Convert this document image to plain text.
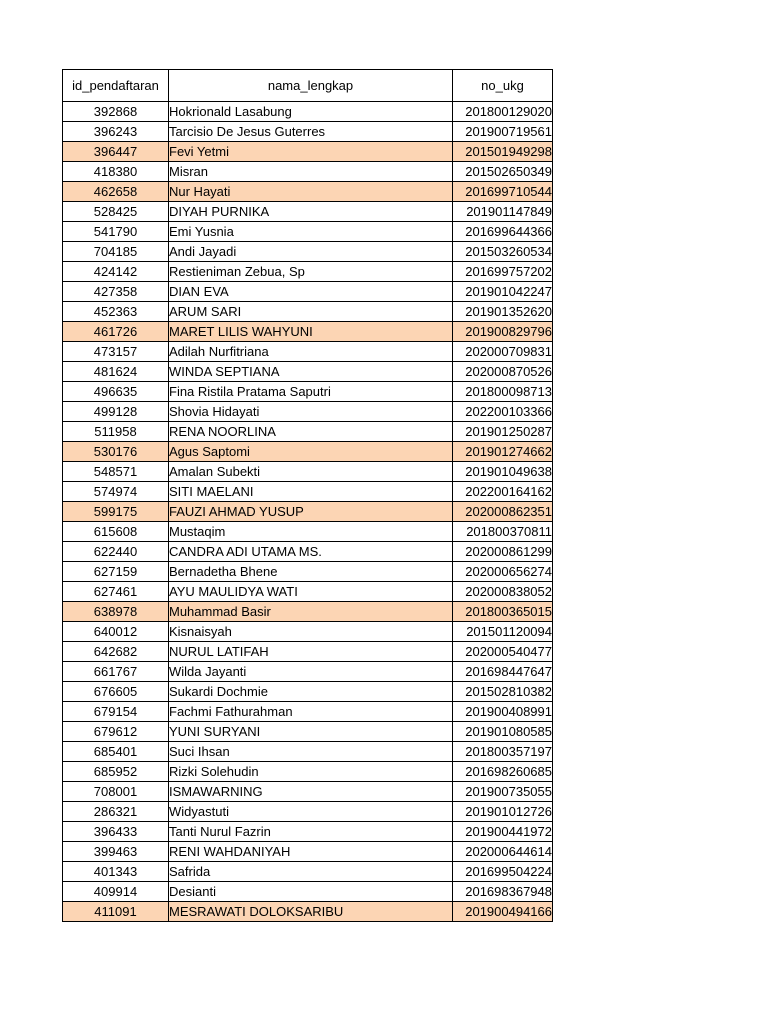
id_pendaftaran	nama_lengkap	no_ukg
392868	Hokrionald Lasabung	201800129020
396243	Tarcisio De Jesus Guterres	201900719561
396447	Fevi Yetmi	201501949298
418380	Misran	201502650349
462658	Nur Hayati	201699710544
528425	DIYAH PURNIKA	201901147849
541790	Emi Yusnia	201699644366
704185	Andi Jayadi	201503260534
424142	Restieniman Zebua, Sp	201699757202
427358	DIAN EVA	201901042247
452363	ARUM SARI	201901352620
461726	MARET LILIS WAHYUNI	201900829796
473157	Adilah Nurfitriana	202000709831
481624	WINDA SEPTIANA	202000870526
496635	Fina Ristila Pratama Saputri	201800098713
499128	Shovia Hidayati	202200103366
511958	RENA NOORLINA	201901250287
530176	Agus Saptomi	201901274662
548571	Amalan Subekti	201901049638
574974	SITI MAELANI	202200164162
599175	FAUZI AHMAD YUSUP	202000862351
615608	Mustaqim	201800370811
622440	CANDRA ADI UTAMA MS.	202000861299
627159	Bernadetha Bhene	202000656274
627461	AYU MAULIDYA WATI	202000838052
638978	Muhammad Basir	201800365015
640012	Kisnaisyah	201501120094
642682	NURUL LATIFAH	202000540477
661767	Wilda Jayanti	201698447647
676605	Sukardi Dochmie	201502810382
679154	Fachmi Fathurahman	201900408991
679612	YUNI SURYANI	201901080585
685401	Suci Ihsan	201800357197
685952	Rizki Solehudin	201698260685
708001	ISMAWARNING	201900735055
286321	Widyastuti	201901012726
396433	Tanti Nurul Fazrin	201900441972
399463	RENI WAHDANIYAH	202000644614
401343	Safrida	201699504224
409914	Desianti	201698367948
411091	MESRAWATI DOLOKSARIBU	201900494166
